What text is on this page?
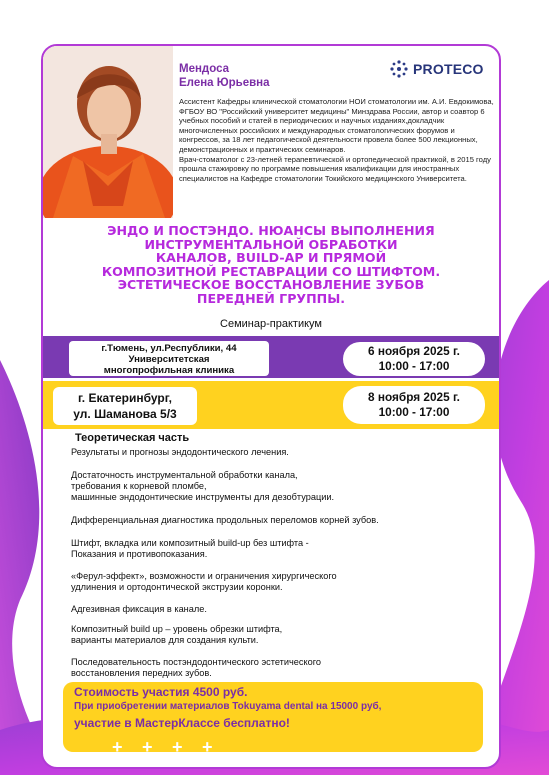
PROTECO
Мендоса
Елена Юрьевна

Ассистент Кафедры клинической стоматологии НОИ стоматологии им. А.И. Евдокимова, ФГБОУ ВО "Российский университет медицины" Минздрава России, автор и соавтор 6 учебных пособий и статей в периодических и научных изданиях,докладчик многочисленных российских и международных стоматологических форумов и конгрессов, за 18 лет педагогической деятельности провела более 500 лекционных, демонстрационных и практических семинаров.

Врач-стоматолог с 23-летней терапевтической и ортопедической практикой, в 2015 году прошла стажировку по программе повышения квалификации для иностранных специалистов на Кафедре стоматологии Токийского медицинского Университета.

ЭНДО И ПОСТЭНДО. НЮАНСЫ ВЫПОЛНЕНИЯ
ИНСТРУМЕНТАЛЬНОЙ ОБРАБОТКИ
КАНАЛОВ, BUILD-AP И ПРЯМОЙ
КОМПОЗИТНОЙ РЕСТАВРАЦИИ СО ШТИФТОМ.
ЭСТЕТИЧЕСКОЕ ВОССТАНОВЛЕНИЕ ЗУБОВ
ПЕРЕДНЕЙ ГРУППЫ.
Семинар-практикум
г.Тюмень, ул.Республики, 44
Университетская
многопрофильная клиника
6 ноября 2025 г.
10:00 - 17:00
г. Екатеринбург,
ул. Шаманова 5/3
8 ноября 2025 г.
10:00 - 17:00
Теоретическая часть
Результаты и прогнозы эндодонтического лечения.
Достаточность инструментальной обработки канала,
требования к корневой пломбе,
машинные эндодонтические инструменты для дезобтурации.
Дифференциальная диагностика продольных переломов корней зубов.
Штифт, вкладка или композитный build-up без штифта -
Показания и противопоказания.
«Ферул-эффект», возможности и ограничения хирургического
удлинения и ортодонтической экструзии коронки.
Адгезивная фиксация в канале.
Композитный build up – уровень обрезки штифта,
варианты материалов для создания культи.
Последовательность постэндодонтического эстетического
восстановления передних зубов.
Стоимость участия 4500 руб.
При приобретении материалов Tokuyama dental на 15000 руб,
участие в МастерКлассе бесплатно!
+ + + +
